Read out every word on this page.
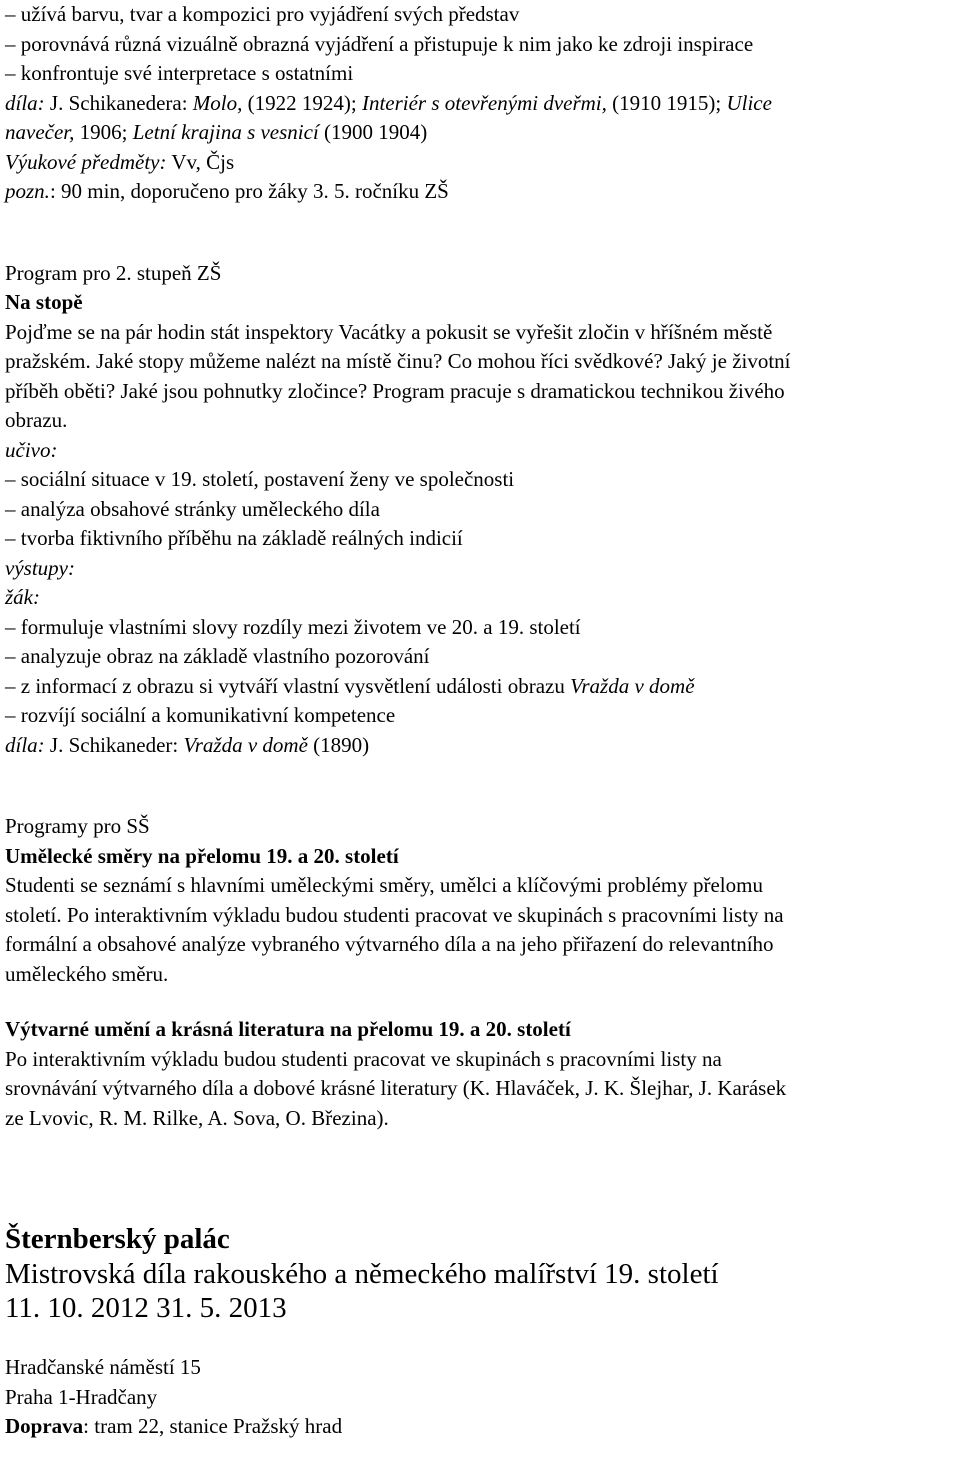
– užívá barvu, tvar a kompozici pro vyjádření svých představ
– porovnává různá vizuálně obrazná vyjádření a přistupuje k nim jako ke zdroji inspirace
– konfrontuje své interpretace s ostatními
díla: J. Schikanedera: Molo, (1922 1924); Interiér s otevřenými dveřmi, (1910 1915); Ulice
navečer, 1906; Letní krajina s vesnicí (1900 1904)
Výukové předměty: Vv, Čjs
pozn.: 90 min, doporučeno pro žáky 3. 5. ročníku ZŠ
Program pro 2. stupeň ZŠ
Na stopě
Pojďme se na pár hodin stát inspektory Vacátky a pokusit se vyřešit zločin v hříšném městě
pražském. Jaké stopy můžeme nalézt na místě činu? Co mohou říci svědkové? Jaký je životní
příběh oběti? Jaké jsou pohnutky zločince? Program pracuje s dramatickou technikou živého
obrazu.
učivo:
– sociální situace v 19. století, postavení ženy ve společnosti
– analýza obsahové stránky uměleckého díla
– tvorba fiktivního příběhu na základě reálných indicií
výstupy:
žák:
– formuluje vlastními slovy rozdíly mezi životem ve 20. a 19. století
– analyzuje obraz na základě vlastního pozorování
– z informací z obrazu si vytváří vlastní vysvětlení události obrazu Vražda v domě
– rozvíjí sociální a komunikativní kompetence
díla: J. Schikaneder: Vražda v domě (1890)
Programy pro SŠ
Umělecké směry na přelomu 19. a 20. století
Studenti se seznámí s hlavními uměleckými směry, umělci a klíčovými problémy přelomu
století. Po interaktivním výkladu budou studenti pracovat ve skupinách s pracovními listy na
formální a obsahové analýze vybraného výtvarného díla a na jeho přiřazení do relevantního
uměleckého směru.
Výtvarné umění a krásná literatura na přelomu 19. a 20. století
Po interaktivním výkladu budou studenti pracovat ve skupinách s pracovními listy na
srovnávání výtvarného díla a dobové krásné literatury (K. Hlaváček, J. K. Šlejhar, J. Karásek
ze Lvovic, R. M. Rilke, A. Sova, O. Březina).
Šternberský palác
Mistrovská díla rakouského a německého malířství 19. století
11. 10. 2012 31. 5. 2013
Hradčanské náměstí 15
Praha 1-Hradčany
Doprava: tram 22, stanice Pražský hrad
